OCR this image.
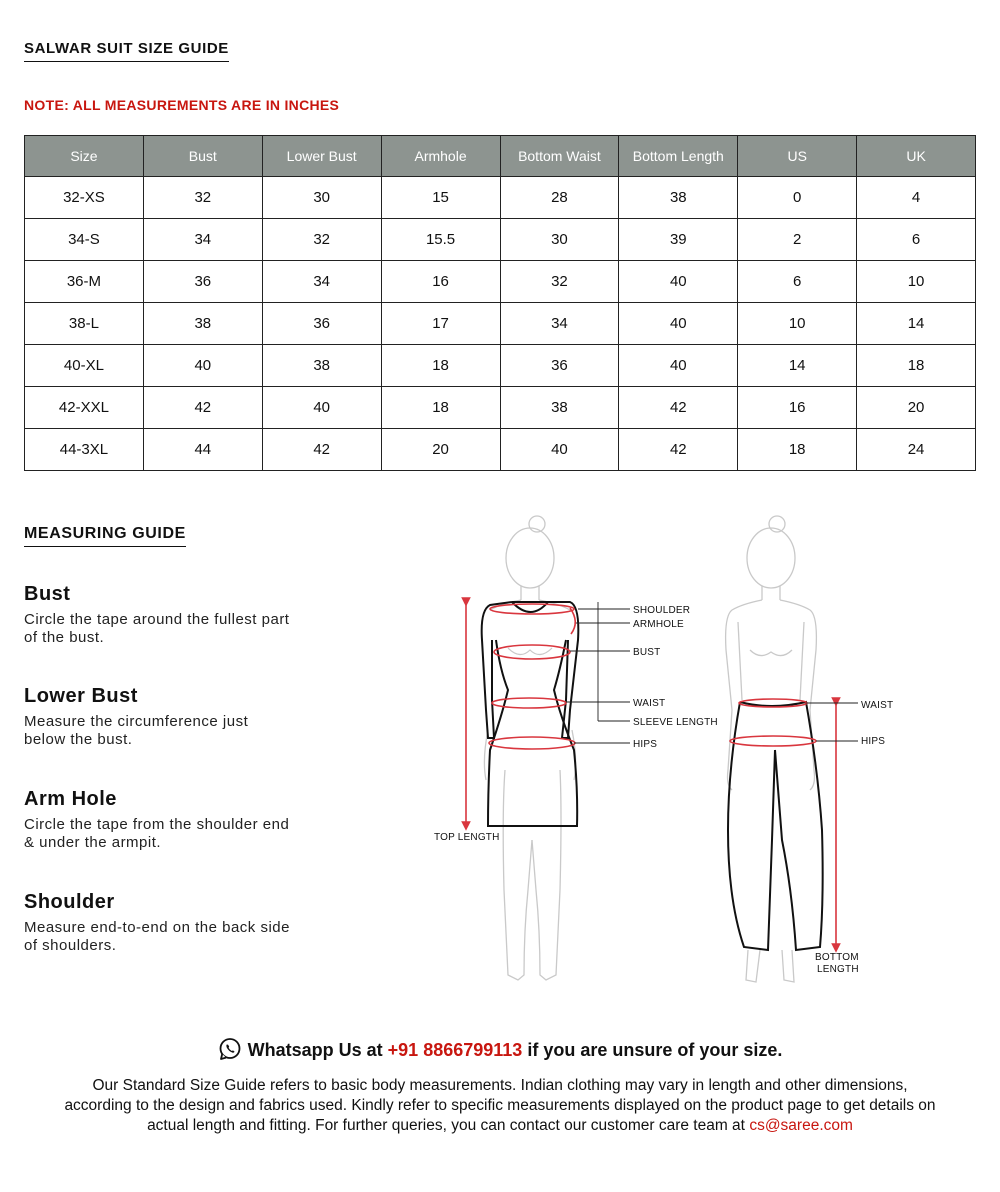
SALWAR SUIT SIZE GUIDE
NOTE: ALL MEASUREMENTS ARE IN INCHES
Size	Bust	Lower Bust	Armhole	Bottom Waist	Bottom Length	US	UK
32-XS	32	30	15	28	38	0	4
34-S	34	32	15.5	30	39	2	6
36-M	36	34	16	32	40	6	10
38-L	38	36	17	34	40	10	14
40-XL	40	38	18	36	40	14	18
42-XXL	42	40	18	38	42	16	20
44-3XL	44	42	20	40	42	18	24
MEASURING GUIDE
Bust

Circle the tape around the fullest part of the bust.

Lower Bust

Measure the circumference just below the bust.

Arm Hole

Circle the tape from the shoulder end & under the armpit.

Shoulder

Measure end-to-end on the back side of shoulders.

SHOULDER
ARMHOLE
BUST
WAIST
SLEEVE LENGTH
HIPS
TOP LENGTH
WAIST
HIPS
BOTTOM
LENGTH
Whatsapp Us at +91 8866799113 if you are unsure of your size.
Our Standard Size Guide refers to basic body measurements. Indian clothing may vary in length and other dimensions, according to the design and fabrics used. Kindly refer to specific measurements displayed on the product page to get details on actual length and fitting. For further queries, you can contact our customer care team at cs@saree.com
